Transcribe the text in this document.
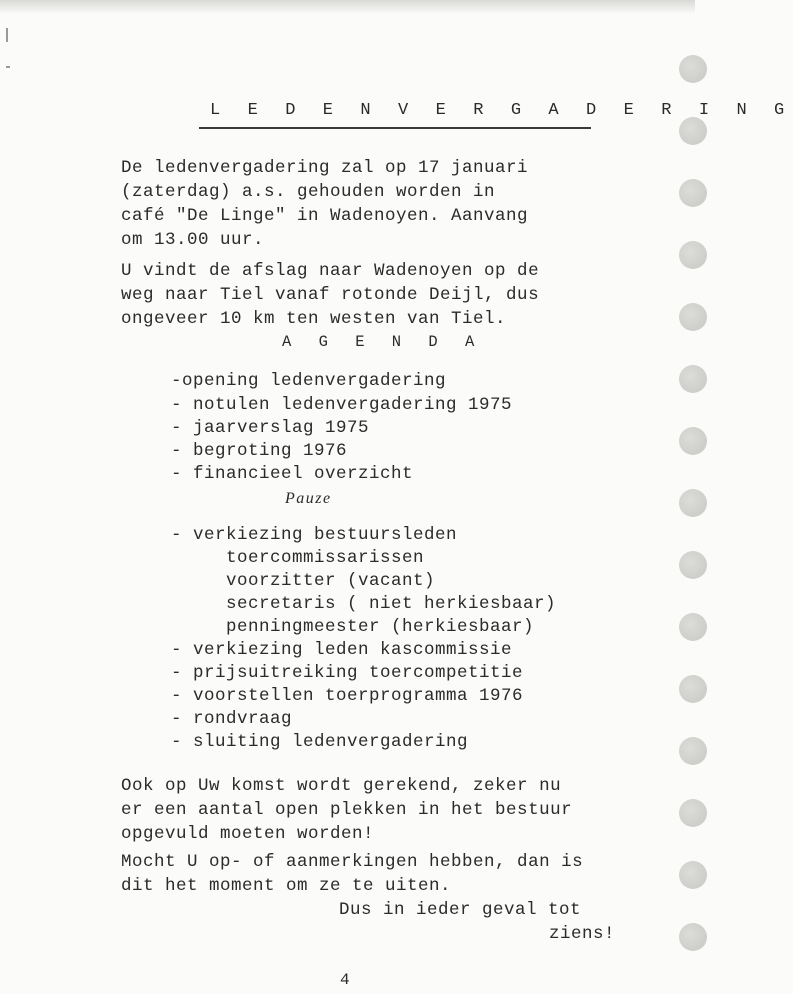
L E D E N V E R G A D E R I N G
De ledenvergadering zal op 17 januari
(zaterdag) a.s. gehouden worden in
café "De Linge" in Wadenoyen. Aanvang
om 13.00 uur.
U vindt de afslag naar Wadenoyen op de
weg naar Tiel vanaf rotonde Deijl, dus
ongeveer 10 km ten westen van Tiel.
A G E N D A
-opening ledenvergadering
- notulen ledenvergadering 1975
- jaarverslag 1975
- begroting 1976
- financieel overzicht
Pauze
- verkiezing bestuursleden
toercommissarissen
voorzitter (vacant)
secretaris ( niet herkiesbaar)
penningmeester (herkiesbaar)
- verkiezing leden kascommissie
- prijsuitreiking toercompetitie
- voorstellen toerprogramma 1976
- rondvraag
- sluiting ledenvergadering
Ook op Uw komst wordt gerekend, zeker nu
er een aantal open plekken in het bestuur
opgevuld moeten worden!
Mocht U op- of aanmerkingen hebben, dan is
dit het moment om ze te uiten.
Dus in ieder geval tot
ziens!
4
